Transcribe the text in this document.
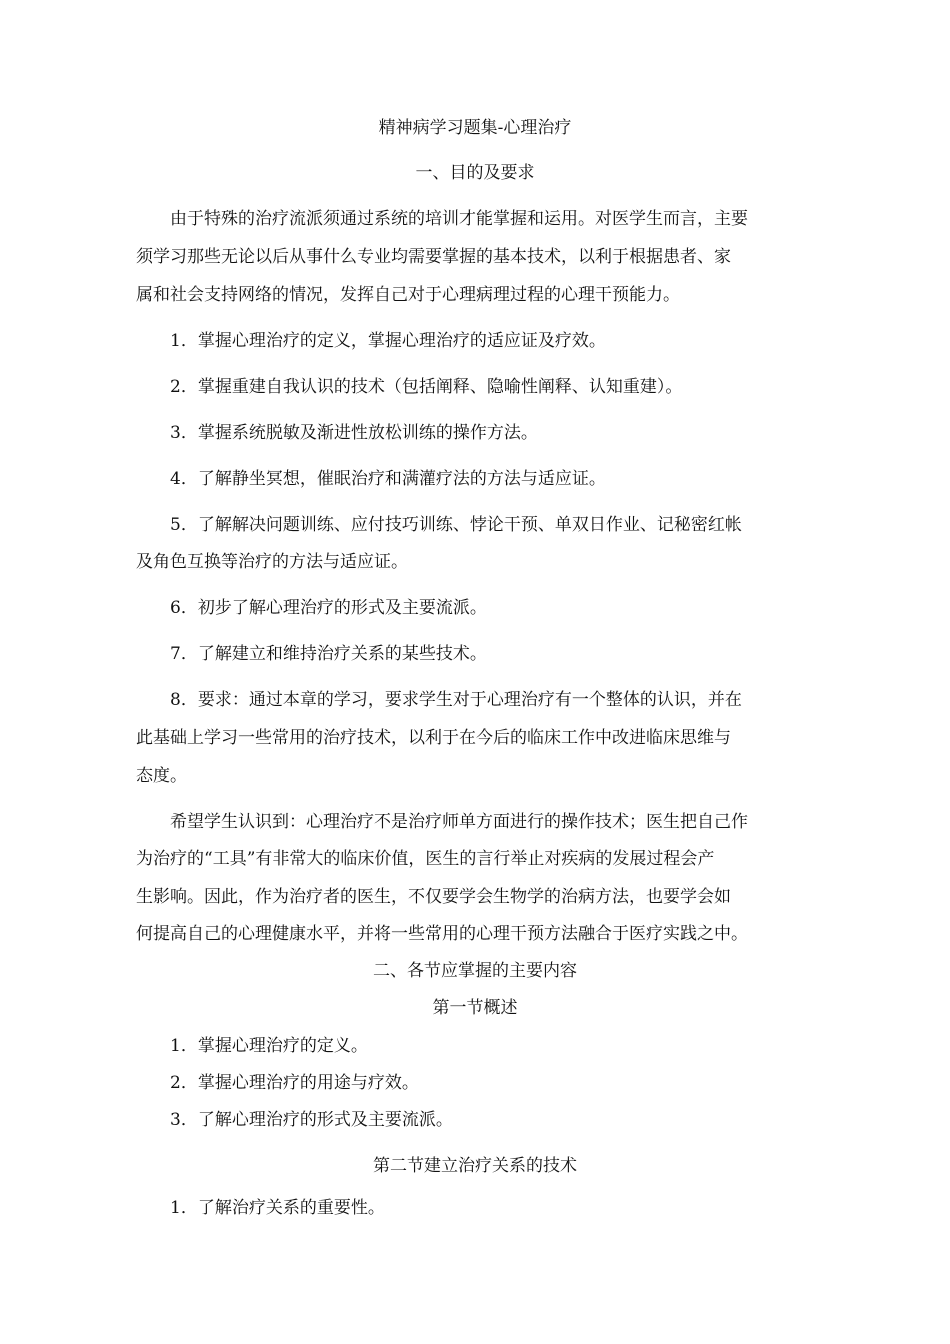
精神病学习题集-心理治疗
一、目的及要求
由于特殊的治疗流派须通过系统的培训才能掌握和运用。对医学生而言，主要
须学习那些无论以后从事什么专业均需要掌握的基本技术，以利于根据患者、家
属和社会支持网络的情况，发挥自己对于心理病理过程的心理干预能力。
1．掌握心理治疗的定义，掌握心理治疗的适应证及疗效。
2．掌握重建自我认识的技术（包括阐释、隐喻性阐释、认知重建）。
3．掌握系统脱敏及渐进性放松训练的操作方法。
4．了解静坐冥想，催眠治疗和满灌疗法的方法与适应证。
5．了解解决问题训练、应付技巧训练、悖论干预、单双日作业、记秘密红帐
及角色互换等治疗的方法与适应证。
6．初步了解心理治疗的形式及主要流派。
7．了解建立和维持治疗关系的某些技术。
8．要求：通过本章的学习，要求学生对于心理治疗有一个整体的认识，并在
此基础上学习一些常用的治疗技术，以利于在今后的临床工作中改进临床思维与
态度。
希望学生认识到：心理治疗不是治疗师单方面进行的操作技术；医生把自己作
为治疗的“工具”有非常大的临床价值，医生的言行举止对疾病的发展过程会产
生影响。因此，作为治疗者的医生，不仅要学会生物学的治病方法，也要学会如
何提高自己的心理健康水平，并将一些常用的心理干预方法融合于医疗实践之中。
二、各节应掌握的主要内容
第一节概述
1．掌握心理治疗的定义。
2．掌握心理治疗的用途与疗效。
3．了解心理治疗的形式及主要流派。
第二节建立治疗关系的技术
1．了解治疗关系的重要性。
